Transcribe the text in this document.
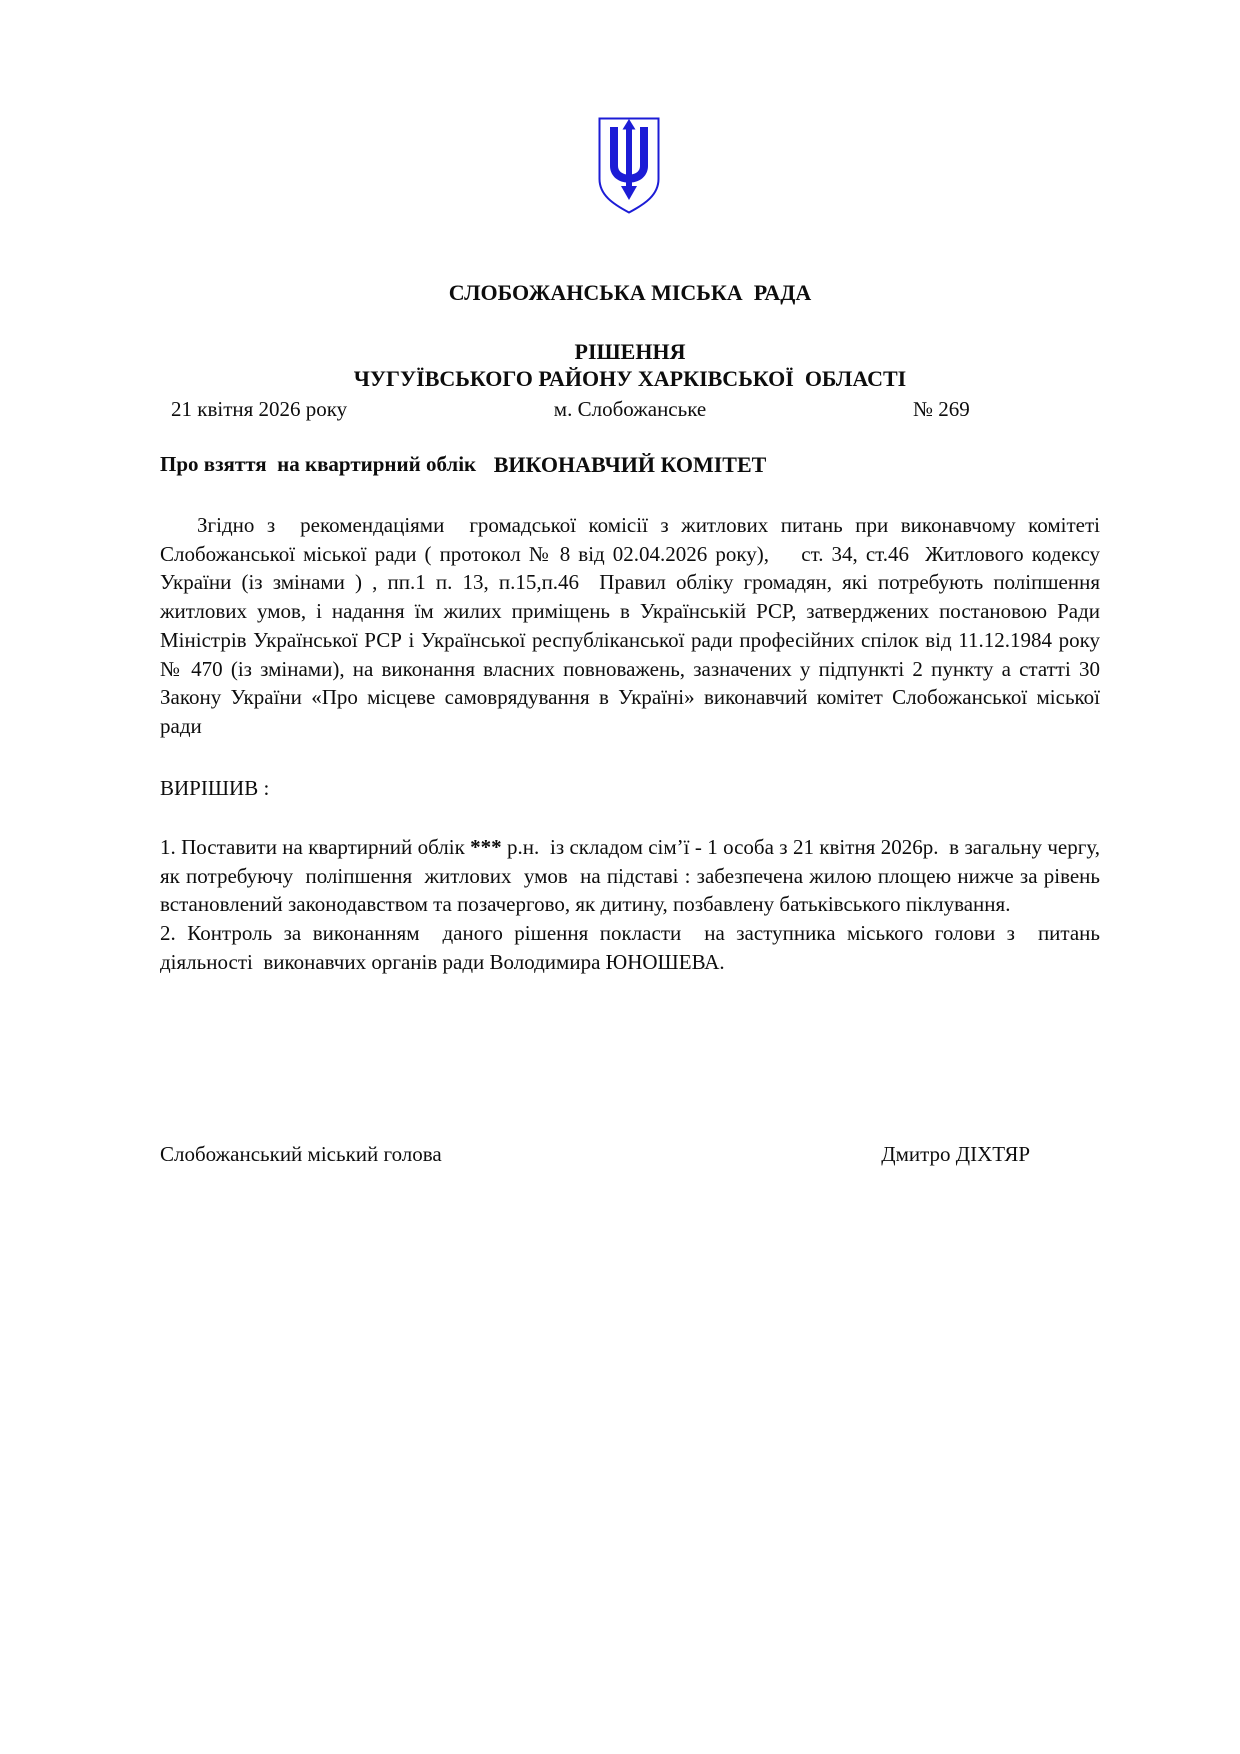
СЛОБОЖАНСЬКА МІСЬКА  РАДА

ЧУГУЇВСЬКОГО РАЙОНУ ХАРКІВСЬКОЇ  ОБЛАСТІ

ВИКОНАВЧИЙ КОМІТЕТ

РІШЕННЯ
21 квітня 2026 року	м. Слобожанське	№ 269
Про взяття  на квартирний облік

Згідно з  рекомендаціями  громадської комісії з житлових питань при виконавчому комітеті Слобожанської міської ради ( протокол № 8 від 02.04.2026 року),    ст. 34, ст.46  Житлового кодексу України (із змінами ) , пп.1 п. 13, п.15,п.46  Правил обліку громадян, які потребують поліпшення житлових умов, і надання їм жилих приміщень в Українській РСР, затверджених постановою Ради Міністрів Української РСР і Української республіканської ради професійних спілок від 11.12.1984 року № 470 (із змінами), на виконання власних повноважень, зазначених у підпункті 2 пункту а статті 30 Закону України «Про місцеве самоврядування в Україні» виконавчий комітет Слобожанської міської ради

ВИРІШИВ :

1. Поставити на квартирний облік *** р.н.  із складом сім’ї - 1 особа з 21 квітня 2026р.  в загальну чергу, як потребуючу  поліпшення  житлових  умов  на підставі : забезпечена жилою площею нижче за рівень встановлений законодавством та позачергово, як дитину, позбавлену батьківського піклування.

2. Контроль за виконанням  даного рішення покласти  на заступника міського голови з  питань діяльності  виконавчих органів ради Володимира ЮНОШЕВА.

Слобожанський міський голова	Дмитро ДІХТЯР
